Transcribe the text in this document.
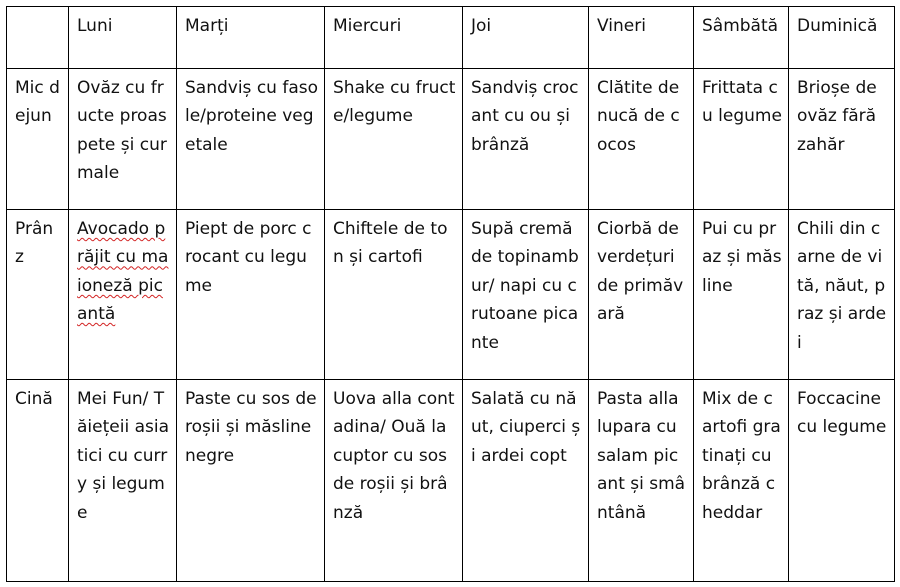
	Luni	Marți	Miercuri	Joi	Vineri	Sâmbătă	Duminică
Mic dejun	Ovăz cu fructe proaspete și curmale	Sandviș cu fasole/proteine vegetale	Shake cu fructe/legume	Sandviș crocant cu ou și brânză	Clătite de nucă de cocos	Frittata cu legume	Brioșe de ovăz fără zahăr
Prânz	Avocado prăjit cu maioneză picantă	Piept de porc crocant cu legume	Chiftele de ton și cartofi	Supă cremă de topinambur/ napi cu crutoane picante	Ciorbă de verdețuri de primăvară	Pui cu praz și măsline	Chili din carne de vită, năut, praz și ardei
Cină	Mei Fun/ Tăiețeii asiatici cu curry și legume	Paste cu sos de roșii și măsline negre	Uova alla contadina/ Ouă la cuptor cu sos de roșii și brânză	Salată cu năut, ciuperci și ardei copt	Pasta alla lupara cu salam picant și smântână	Mix de cartofi gratinați cu brânză cheddar	Foccacine cu legume
